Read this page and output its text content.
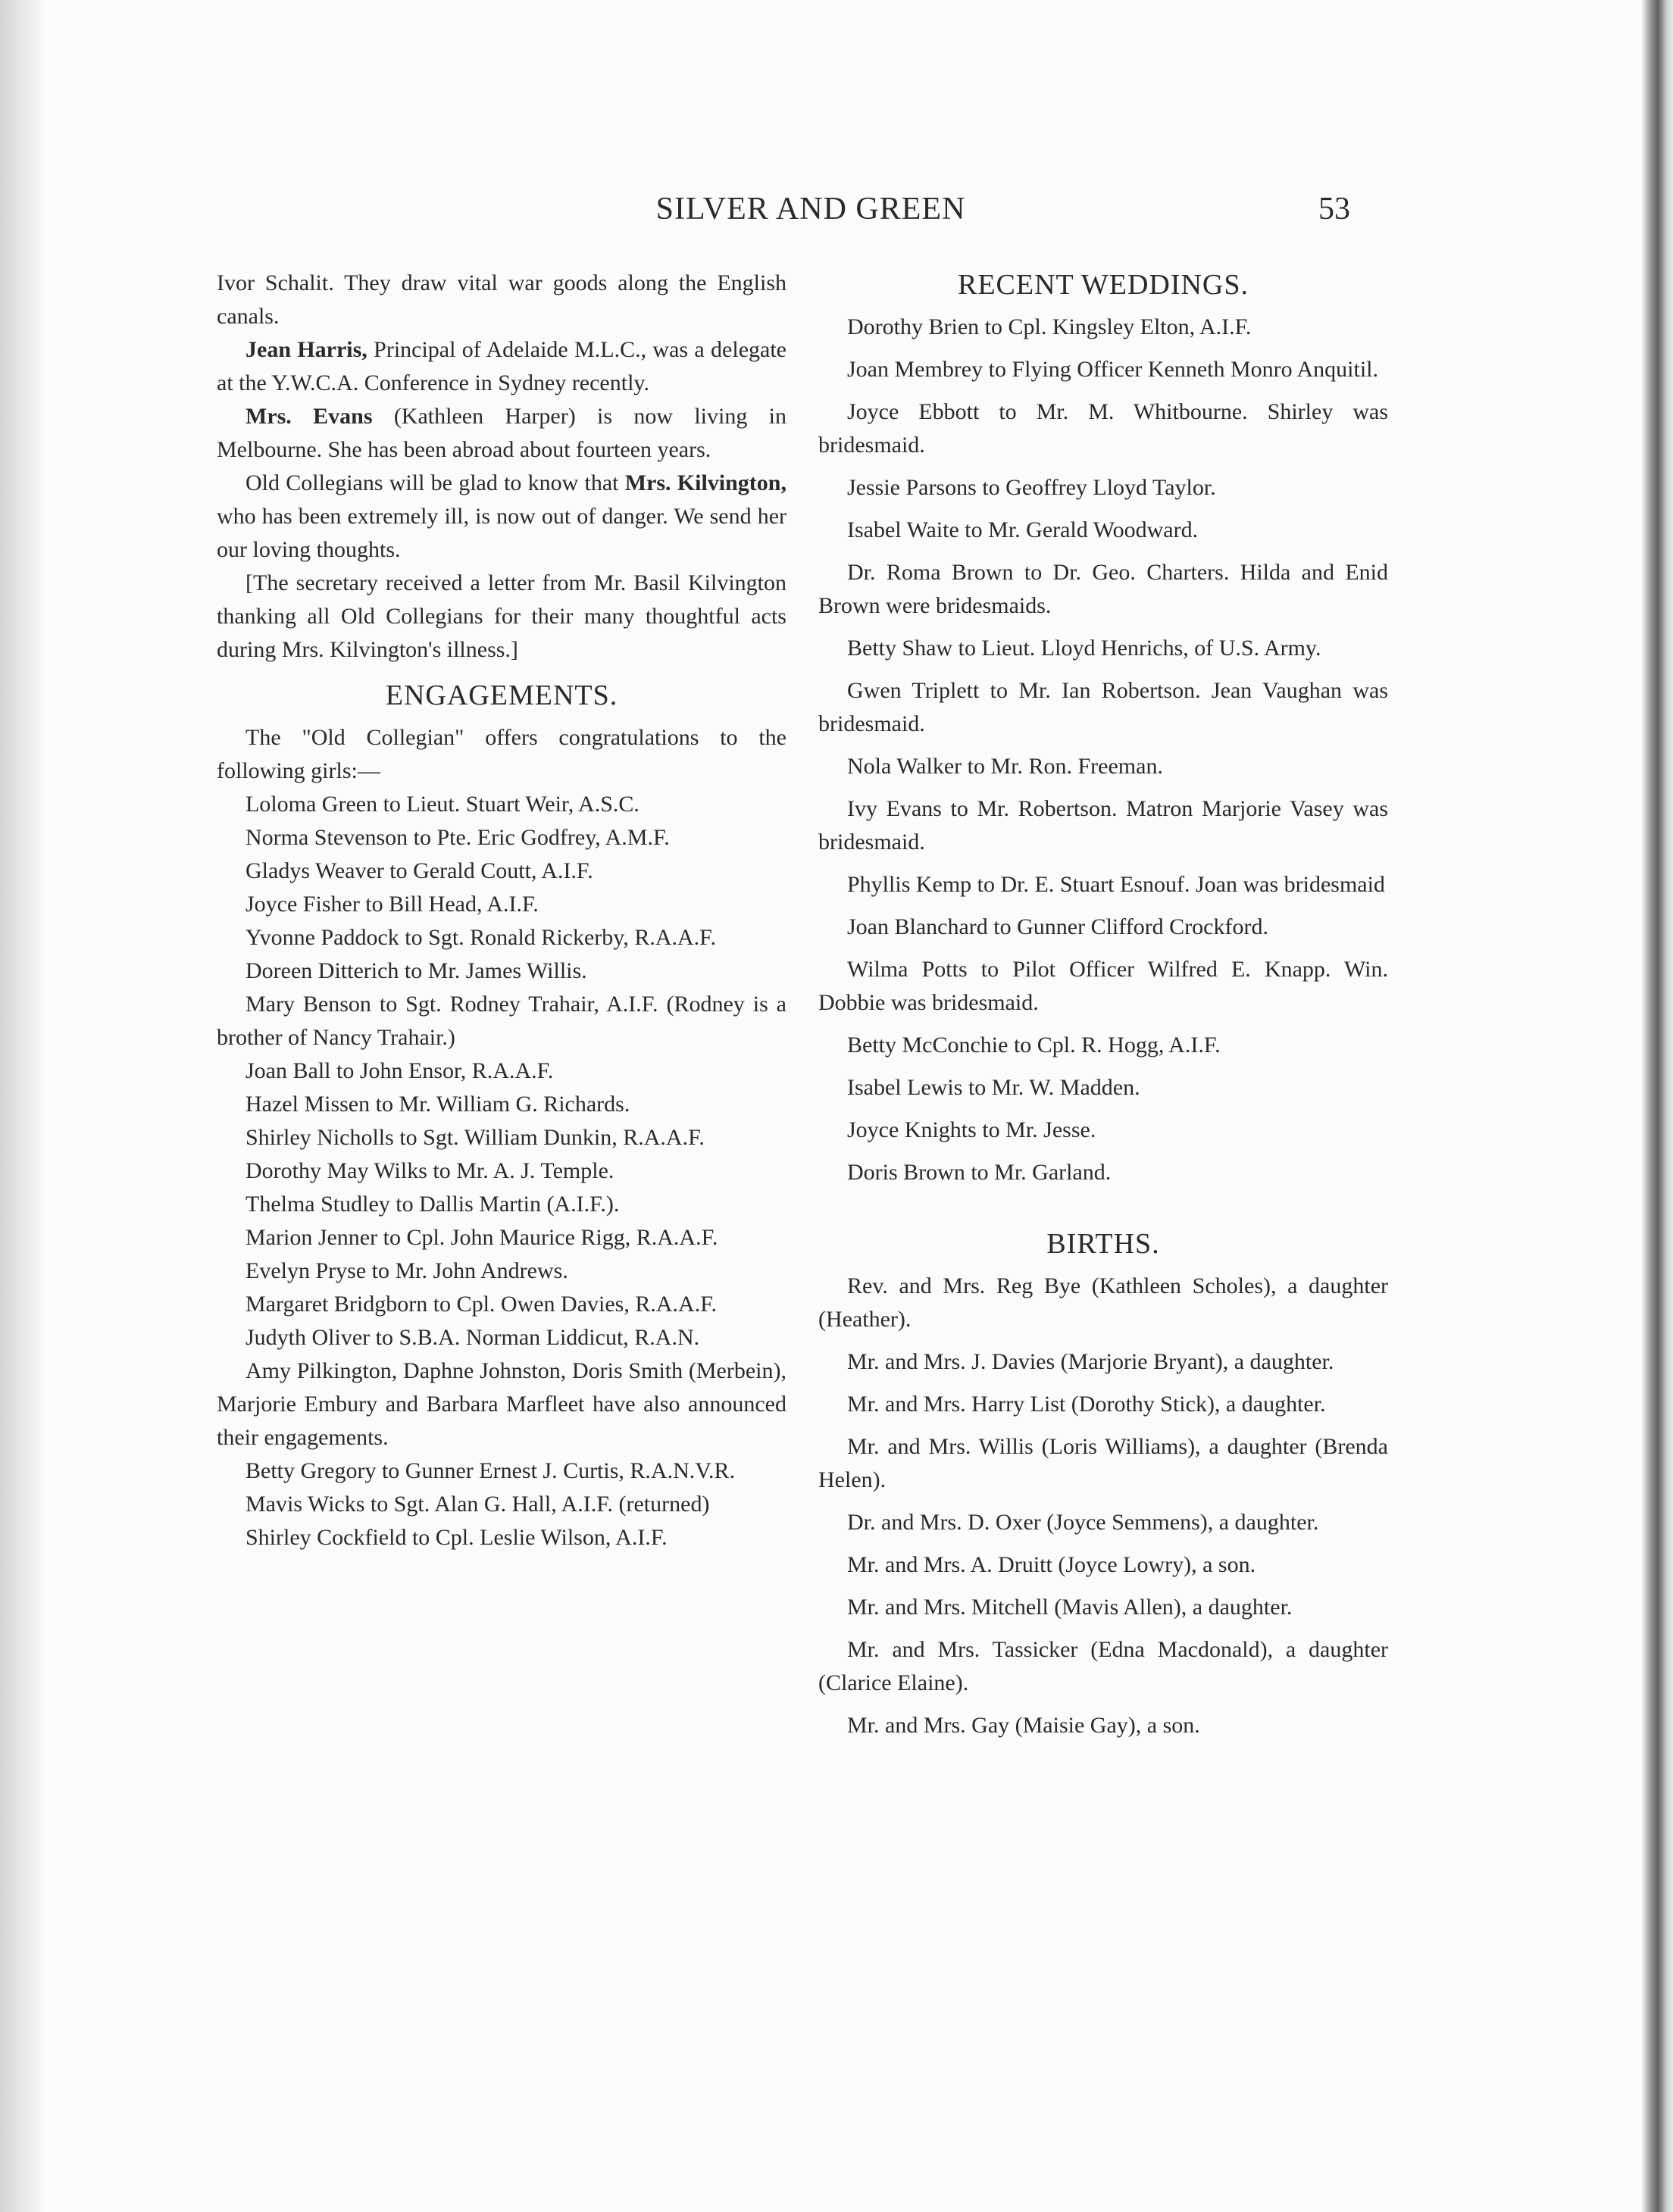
SILVER AND GREEN	53

Ivor Schalit. They draw vital war goods along the English canals.

Jean Harris, Principal of Adelaide M.L.C., was a delegate at the Y.W.C.A. Conference in Sydney recently.

Mrs. Evans (Kathleen Harper) is now living in Melbourne. She has been abroad about fourteen years.

Old Collegians will be glad to know that Mrs. Kilvington, who has been extremely ill, is now out of danger. We send her our loving thoughts.

[The secretary received a letter from Mr. Basil Kilvington thanking all Old Collegians for their many thoughtful acts during Mrs. Kilvington's illness.]

ENGAGEMENTS.

The "Old Collegian" offers congratulations to the following girls:—

Loloma Green to Lieut. Stuart Weir, A.S.C.

Norma Stevenson to Pte. Eric Godfrey, A.M.F.

Gladys Weaver to Gerald Coutt, A.I.F.

Joyce Fisher to Bill Head, A.I.F.

Yvonne Paddock to Sgt. Ronald Rickerby, R.A.A.F.

Doreen Ditterich to Mr. James Willis.

Mary Benson to Sgt. Rodney Trahair, A.I.F. (Rodney is a brother of Nancy Trahair.)

Joan Ball to John Ensor, R.A.A.F.

Hazel Missen to Mr. William G. Richards.

Shirley Nicholls to Sgt. William Dunkin, R.A.A.F.

Dorothy May Wilks to Mr. A. J. Temple.

Thelma Studley to Dallis Martin (A.I.F.).

Marion Jenner to Cpl. John Maurice Rigg, R.A.A.F.

Evelyn Pryse to Mr. John Andrews.

Margaret Bridgborn to Cpl. Owen Davies, R.A.A.F.

Judyth Oliver to S.B.A. Norman Liddicut, R.A.N.

Amy Pilkington, Daphne Johnston, Doris Smith (Merbein), Marjorie Embury and Barbara Marfleet have also announced their engagements.

Betty Gregory to Gunner Ernest J. Curtis, R.A.N.V.R.

Mavis Wicks to Sgt. Alan G. Hall, A.I.F. (returned)

Shirley Cockfield to Cpl. Leslie Wilson, A.I.F.

RECENT WEDDINGS.

Dorothy Brien to Cpl. Kingsley Elton, A.I.F.

Joan Membrey to Flying Officer Kenneth Monro Anquitil.

Joyce Ebbott to Mr. M. Whitbourne. Shirley was bridesmaid.

Jessie Parsons to Geoffrey Lloyd Taylor.

Isabel Waite to Mr. Gerald Woodward.

Dr. Roma Brown to Dr. Geo. Charters. Hilda and Enid Brown were bridesmaids.

Betty Shaw to Lieut. Lloyd Henrichs, of U.S. Army.

Gwen Triplett to Mr. Ian Robertson. Jean Vaughan was bridesmaid.

Nola Walker to Mr. Ron. Freeman.

Ivy Evans to Mr. Robertson. Matron Marjorie Vasey was bridesmaid.

Phyllis Kemp to Dr. E. Stuart Esnouf. Joan was bridesmaid

Joan Blanchard to Gunner Clifford Crockford.

Wilma Potts to Pilot Officer Wilfred E. Knapp. Win. Dobbie was bridesmaid.

Betty McConchie to Cpl. R. Hogg, A.I.F.

Isabel Lewis to Mr. W. Madden.

Joyce Knights to Mr. Jesse.

Doris Brown to Mr. Garland.

BIRTHS.

Rev. and Mrs. Reg Bye (Kathleen Scholes), a daughter (Heather).

Mr. and Mrs. J. Davies (Marjorie Bryant), a daughter.

Mr. and Mrs. Harry List (Dorothy Stick), a daughter.

Mr. and Mrs. Willis (Loris Williams), a daughter (Brenda Helen).

Dr. and Mrs. D. Oxer (Joyce Semmens), a daughter.

Mr. and Mrs. A. Druitt (Joyce Lowry), a son.

Mr. and Mrs. Mitchell (Mavis Allen), a daughter.

Mr. and Mrs. Tassicker (Edna Macdonald), a daughter (Clarice Elaine).

Mr. and Mrs. Gay (Maisie Gay), a son.
